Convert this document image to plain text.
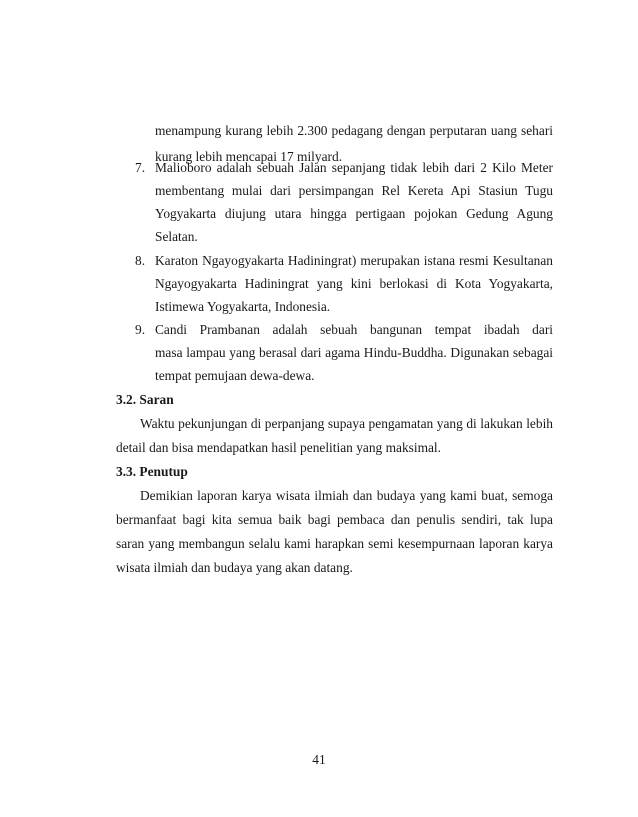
menampung kurang lebih 2.300 pedagang dengan perputaran uang sehari
kurang lebih mencapai 17 milyard.
7. Malioboro adalah sebuah Jalan sepanjang tidak lebih dari 2 Kilo Meter
membentang mulai dari persimpangan Rel Kereta Api Stasiun Tugu
Yogyakarta diujung utara hingga pertigaan pojokan Gedung Agung
Selatan.
8. Karaton Ngayogyakarta Hadiningrat) merupakan istana resmi Kesultanan
Ngayogyakarta Hadiningrat yang kini berlokasi di Kota Yogyakarta,
Istimewa Yogyakarta, Indonesia.
9. Candi Prambanan adalah sebuah bangunan tempat ibadah dari
masa lampau yang berasal dari agama Hindu-Buddha. Digunakan sebagai
tempat pemujaan dewa-dewa.
3.2. Saran
Waktu pekunjungan di perpanjang supaya pengamatan yang di lakukan lebih
detail dan bisa mendapatkan hasil penelitian yang maksimal.
3.3. Penutup
Demikian laporan karya wisata ilmiah dan budaya yang kami buat, semoga
bermanfaat bagi kita semua baik bagi pembaca dan penulis sendiri, tak lupa
saran yang membangun selalu kami harapkan semi kesempurnaan laporan karya
wisata ilmiah dan budaya yang akan datang.
41
